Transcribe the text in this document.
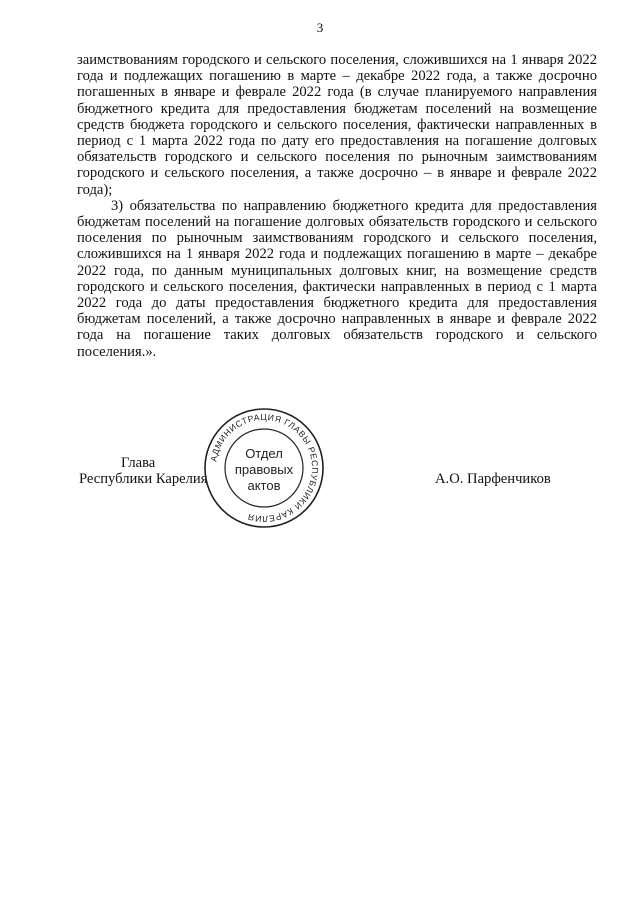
3

заимствованиям городского и сельского поселения, сложившихся на 1 января 2022 года и подлежащих погашению в марте – декабре 2022 года, а также досрочно погашенных в январе и феврале 2022 года (в случае планируемого направления бюджетного кредита для предоставления бюджетам поселений на возмещение средств бюджета городского и сельского поселения, фактически направленных в период с 1 марта 2022 года по дату его предоставления на погашение долговых обязательств городского и сельского поселения по рыночным заимствованиям городского и сельского поселения, а также досрочно – в январе и феврале 2022 года);

3) обязательства по направлению бюджетного кредита для предоставления бюджетам поселений на погашение долговых обязательств городского и сельского поселения по рыночным заимствованиям городского и сельского поселения, сложившихся на 1 января 2022 года и подлежащих погашению в марте – декабре 2022 года, по данным муниципальных долговых книг, на возмещение средств городского и сельского поселения, фактически направленных в период с 1 марта 2022 года до даты предоставления бюджетного кредита для предоставления бюджетам поселений, а также досрочно направленных в январе и феврале 2022 года на погашение таких долговых обязательств городского и сельского поселения.».

Глава
Республики Карелия
АДМИНИСТРАЦИЯ ГЛАВЫ РЕСПУБЛИКИ КАРЕЛИЯ
Отдел
правовых
актов	А.О. Парфенчиков
